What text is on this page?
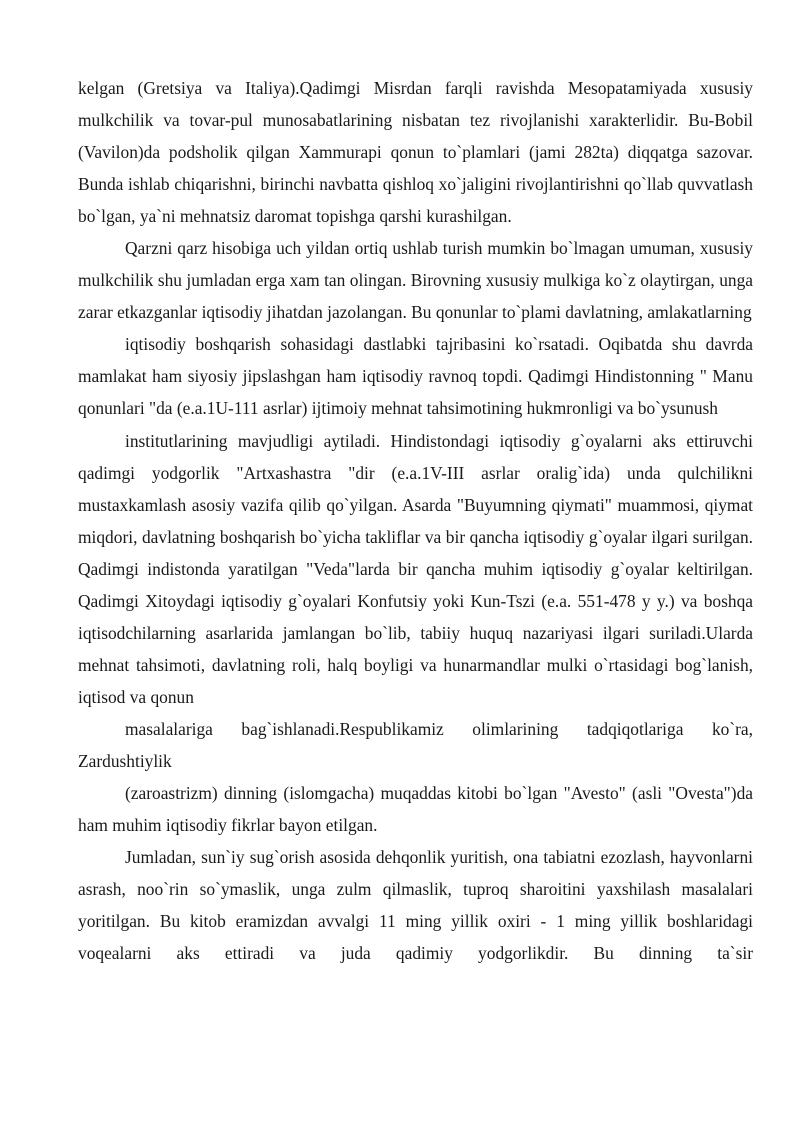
kelgan (Gretsiya va Italiya).Qadimgi Misrdan farqli ravishda Mesopatamiyada xususiy mulkchilik va tovar-pul munosabatlarining nisbatan tez rivojlanishi xarakterlidir. Bu-Bobil (Vavilon)da podsholik qilgan Xammurapi qonun to`plamlari (jami 282ta) diqqatga sazovar. Bunda ishlab chiqarishni, birinchi navbatta qishloq xo`jaligini rivojlantirishni qo`llab quvvatlash bo`lgan, ya`ni mehnatsiz daromat topishga qarshi kurashilgan.

Qarzni qarz hisobiga uch yildan ortiq ushlab turish mumkin bo`lmagan umuman, xususiy mulkchilik shu jumladan erga xam tan olingan. Birovning xususiy mulkiga ko`z olaytirgan, unga zarar etkazganlar iqtisodiy jihatdan jazolangan. Bu qonunlar to`plami davlatning, amlakatlarning

iqtisodiy boshqarish sohasidagi dastlabki tajribasini ko`rsatadi. Oqibatda shu davrda mamlakat ham siyosiy jipslashgan ham iqtisodiy ravnoq topdi. Qadimgi Hindistonning " Manu qonunlari "da (e.a.1U-111 asrlar) ijtimoiy mehnat tahsimotining hukmronligi va bo`ysunush

institutlarining mavjudligi aytiladi. Hindistondagi iqtisodiy g`oyalarni aks ettiruvchi qadimgi yodgorlik "Artxashastra "dir (e.a.1V-III asrlar oralig`ida) unda qulchilikni mustaxkamlash asosiy vazifa qilib qo`yilgan. Asarda "Buyumning qiymati" muammosi, qiymat miqdori, davlatning boshqarish bo`yicha takliflar va bir qancha iqtisodiy g`oyalar ilgari surilgan. Qadimgi indistonda yaratilgan "Veda"larda bir qancha muhim iqtisodiy g`oyalar keltirilgan. Qadimgi Xitoydagi iqtisodiy g`oyalari Konfutsiy yoki Kun-Tszi (e.a. 551-478 y y.) va boshqa iqtisodchilarning asarlarida jamlangan bo`lib, tabiiy huquq nazariyasi ilgari suriladi.Ularda mehnat tahsimoti, davlatning roli, halq boyligi va hunarmandlar mulki o`rtasidagi bog`lanish, iqtisod va qonun

masalalariga bag`ishlanadi.Respublikamiz olimlarining tadqiqotlariga ko`ra, Zardushtiylik

(zaroastrizm) dinning (islomgacha) muqaddas kitobi bo`lgan "Avesto" (asli "Ovesta")da ham muhim iqtisodiy fikrlar bayon etilgan.

Jumladan, sun`iy sug`orish asosida dehqonlik yuritish, ona tabiatni ezozlash, hayvonlarni asrash, noo`rin so`ymaslik, unga zulm qilmaslik, tuproq sharoitini yaxshilash masalalari yoritilgan. Bu kitob eramizdan avvalgi 11 ming yillik oxiri - 1 ming yillik boshlaridagi voqealarni aks ettiradi va juda qadimiy yodgorlikdir. Bu dinning ta`sir
